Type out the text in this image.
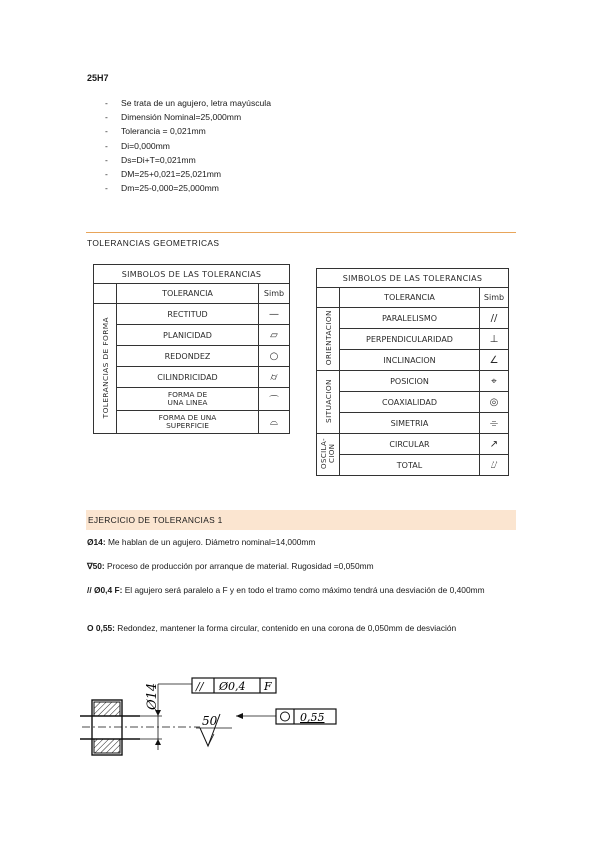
25H7
- Se trata de un agujero, letra mayúscula
- Dimensión Nominal=25,000mm
- Tolerancia = 0,021mm
- Di=0,000mm
- Ds=Di+T=0,021mm
- DM=25+0,021=25,021mm
- Dm=25-0,000=25,000mm
TOLERANCIAS GEOMETRICAS
SIMBOLOS DE LAS TOLERANCIAS		
	TOLERANCIA	Simb
TOLERANCIAS DE FORMA	RECTITUD	—
	PLANICIDAD	▱
	REDONDEZ	○
	CILINDRICIDAD	⌭
	FORMA DE
UNA LINEA	⌒
	FORMA DE UNA
SUPERFICIE	⌓
SIMBOLOS DE LAS TOLERANCIAS		
	TOLERANCIA	Simb
ORIENTACION	PARALELISMO	//
	PERPENDICULARIDAD	⊥
	INCLINACION	∠
SITUACION	POSICION	⌖
	COAXIALIDAD	◎
	SIMETRIA	⌯
OSCILA-
CION	CIRCULAR	↗
	TOTAL	⌰
EJERCICIO DE TOLERANCIAS 1
Ø14: Me hablan de un agujero. Diámetro nominal=14,000mm
∇50: Proceso de producción por arranque de material. Rugosidad =0,050mm
// Ø0,4 F: El agujero será paralelo a F y en todo el tramo como máximo tendrá una desviación de 0,400mm
O 0,55: Redondez, mantener la forma circular, contenido en una corona de 0,050mm de desviación
Ø14	// Ø0,4 F
50	0,55
